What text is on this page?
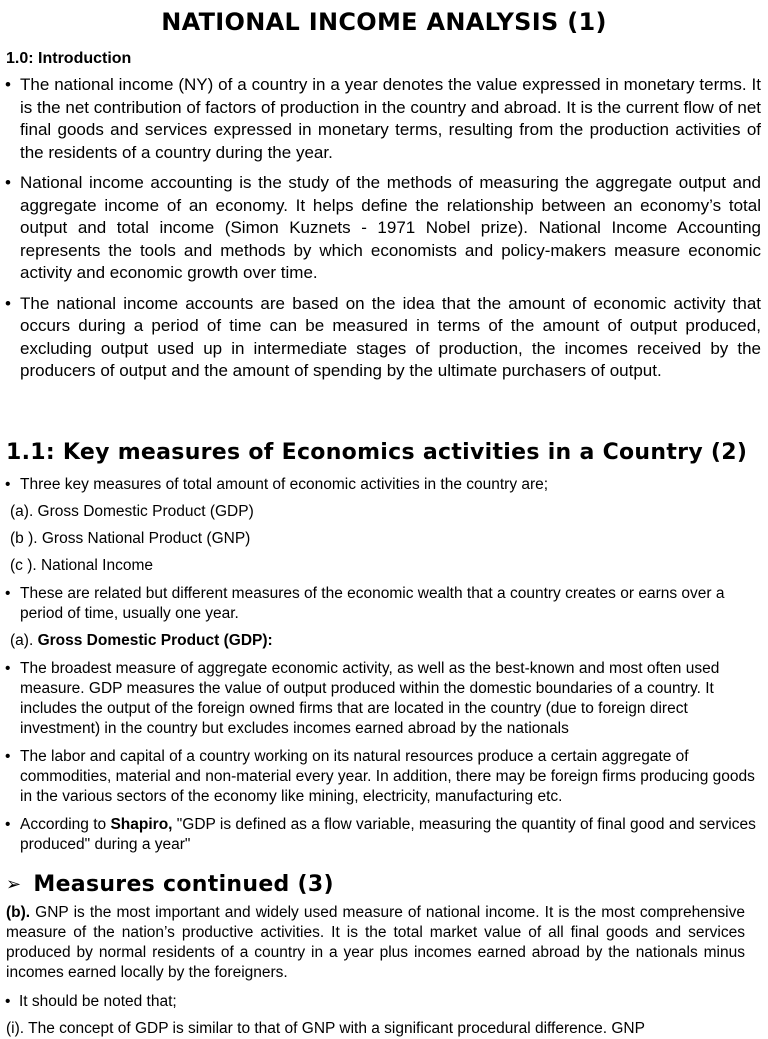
NATIONAL INCOME ANALYSIS (1)
1.0: Introduction
• The national income (NY) of a country in a year denotes the value expressed in monetary terms. It is the net contribution of factors of production in the country and abroad. It is the current flow of net final goods and services expressed in monetary terms, resulting from the production activities of the residents of a country during the year.
• National income accounting is the study of the methods of measuring the aggregate output and aggregate income of an economy. It helps define the relationship between an economy’s total output and total income (Simon Kuznets - 1971 Nobel prize). National Income Accounting represents the tools and methods by which economists and policy-makers measure economic activity and economic growth over time.
• The national income accounts are based on the idea that the amount of economic activity that occurs during a period of time can be measured in terms of the amount of output produced, excluding output used up in intermediate stages of production, the incomes received by the producers of output and the amount of spending by the ultimate purchasers of output.
1.1: Key measures of Economics activities in a Country (2)
• Three key measures of total amount of economic activities in the country are;
(a). Gross Domestic Product (GDP)
(b ). Gross National Product (GNP)
(c ). National Income
• These are related but different measures of the economic wealth that a country creates or earns over a period of time, usually one year.
(a). Gross Domestic Product (GDP):
• The broadest measure of aggregate economic activity, as well as the best-known and most often used measure. GDP measures the value of output produced within the domestic boundaries of a country. It includes the output of the foreign owned firms that are located in the country (due to foreign direct investment) in the country but excludes incomes earned abroad by the nationals
• The labor and capital of a country working on its natural resources produce a certain aggregate of commodities, material and non-material every year. In addition, there may be foreign firms producing goods in the various sectors of the economy like mining, electricity, manufacturing etc.
• According to Shapiro, "GDP is defined as a flow variable, measuring the quantity of final good and services produced" during a year"
➢ Measures continued (3)
(b). GNP is the most important and widely used measure of national income. It is the most comprehensive measure of the nation’s productive activities. It is the total market value of all final goods and services produced by normal residents of a country in a year plus incomes earned abroad by the nationals minus incomes earned locally by the foreigners.
• It should be noted that;
(i). The concept of GDP is similar to that of GNP with a significant procedural difference. GNP
